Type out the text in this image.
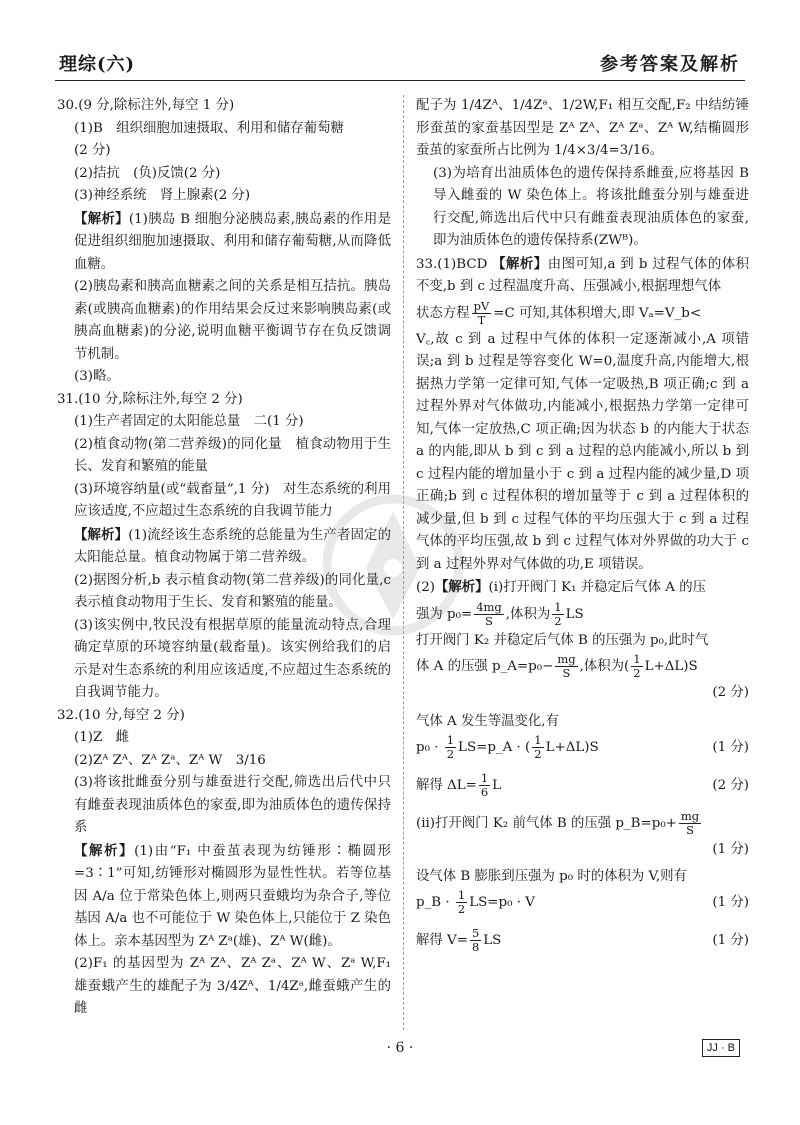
理综(六)	参考答案及解析

30.(9 分,除标注外,每空 1 分)

(1)B　组织细胞加速摄取、利用和储存葡萄糖

(2 分)

(2)拮抗　(负)反馈(2 分)

(3)神经系统　肾上腺素(2 分)

【解析】(1)胰岛 B 细胞分泌胰岛素,胰岛素的作用是促进组织细胞加速摄取、利用和储存葡萄糖,从而降低血糖。

(2)胰岛素和胰高血糖素之间的关系是相互拮抗。胰岛素(或胰高血糖素)的作用结果会反过来影响胰岛素(或胰高血糖素)的分泌,说明血糖平衡调节存在负反馈调节机制。

(3)略。

31.(10 分,除标注外,每空 2 分)

(1)生产者固定的太阳能总量　二(1 分)

(2)植食动物(第二营养级)的同化量　植食动物用于生长、发育和繁殖的能量

(3)环境容纳量(或“载畜量”,1 分)　对生态系统的利用应该适度,不应超过生态系统的自我调节能力

【解析】(1)流经该生态系统的总能量为生产者固定的太阳能总量。植食动物属于第二营养级。

(2)据图分析,b 表示植食动物(第二营养级)的同化量,c 表示植食动物用于生长、发育和繁殖的能量。

(3)该实例中,牧民没有根据草原的能量流动特点,合理确定草原的环境容纳量(载畜量)。该实例给我们的启示是对生态系统的利用应该适度,不应超过生态系统的自我调节能力。

32.(10 分,每空 2 分)

(1)Z　雌

(2)Zᴬ Zᴬ、Zᴬ Zᵃ、Zᴬ W　3/16

(3)将该批雌蚕分别与雄蚕进行交配,筛选出后代中只有雌蚕表现油质体色的家蚕,即为油质体色的遗传保持系

【解析】(1)由“F₁ 中蚕茧表现为纺锤形∶椭圆形=3∶1”可知,纺锤形对椭圆形为显性性状。若等位基因 A/a 位于常染色体上,则两只蚕蛾均为杂合子,等位基因 A/a 也不可能位于 W 染色体上,只能位于 Z 染色体上。亲本基因型为 Zᴬ Zᵃ(雄)、Zᴬ W(雌)。

(2)F₁ 的基因型为 Zᴬ Zᴬ、Zᴬ Zᵃ、Zᴬ W、Zᵃ W,F₁ 雄蚕蛾产生的雄配子为 3/4Zᴬ、1/4Zᵃ,雌蚕蛾产生的雌

配子为 1/4Zᴬ、1/4Zᵃ、1/2W,F₁ 相互交配,F₂ 中结纺锤形蚕茧的家蚕基因型是 Zᴬ Zᴬ、Zᴬ Zᵃ、Zᴬ W,结椭圆形蚕茧的家蚕所占比例为 1/4×3/4=3/16。

(3)为培育出油质体色的遗传保持系雌蚕,应将基因 B 导入雌蚕的 W 染色体上。将该批雌蚕分别与雄蚕进行交配,筛选出后代中只有雌蚕表现油质体色的家蚕,即为油质体色的遗传保持系(ZWᴮ)。

33.(1)BCD 【解析】由图可知,a 到 b 过程气体的体积不变,b 到 c 过程温度升高、压强减小,根据理想气体

状态方程 $\frac{pV}{T} =C$ 可知,其体积增大,即 Vₐ=V_b<

V꜀,故 c 到 a 过程中气体的体积一定逐渐减小,A 项错误;a 到 b 过程是等容变化 W=0,温度升高,内能增大,根据热力学第一定律可知,气体一定吸热,B 项正确;c 到 a 过程外界对气体做功,内能减小,根据热力学第一定律可知,气体一定放热,C 项正确;因为状态 b 的内能大于状态 a 的内能,即从 b 到 c 到 a 过程的总内能减小,所以 b 到 c 过程内能的增加量小于 c 到 a 过程内能的减少量,D 项正确;b 到 c 过程体积的增加量等于 c 到 a 过程体积的减少量,但 b 到 c 过程气体的平均压强大于 c 到 a 过程气体的平均压强,故 b 到 c 过程气体对外界做的功大于 c 到 a 过程外界对气体做的功,E 项错误。

(2)【解析】(ⅰ)打开阀门 K₁ 并稳定后气体 A 的压

强为 $p_0= \frac{4mg}{S}$ ,体积为 $\frac{1}{2}$ LS

打开阀门 K₂ 并稳定后气体 B 的压强为 p₀,此时气

体 A 的压强 p_A=p₀− $\frac{mg}{S}$ ,体积为( $\frac{1}{2} L+\Delta L)S$

(2 分)

气体 A 发生等温变化,有

$p_0 \cdot \frac{1}{2}$ LS=p_A · ( $\frac{1}{2} L+\Delta L)S$	(1 分)
解得 $\Delta L= \frac{1}{6}$ L	(2 分)

(ⅱ)打开阀门 K₂ 前气体 B 的压强 p_B=p₀+ $\frac{mg}{S}$

(1 分)

设气体 B 膨胀到压强为 p₀ 时的体积为 V,则有

p_B · $\frac{1}{2} LS=p_0 \cdot V$	(1 分)
解得 $V= \frac{5}{8}$ LS	(1 分)
· 6 ·	JJ · B
